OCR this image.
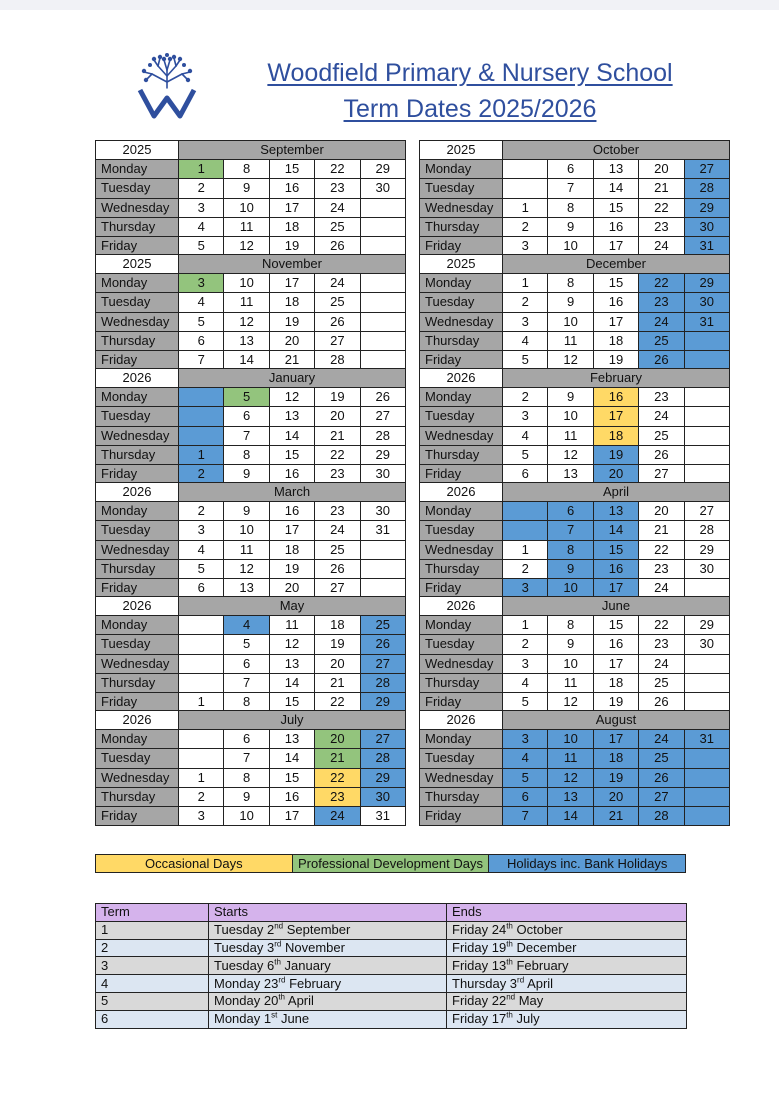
Woodfield Primary & Nursery School
Term Dates 2025/2026
2025	September				
Monday	1	8	15	22	29
Tuesday	2	9	16	23	30
Wednesday	3	10	17	24	
Thursday	4	11	18	25	
Friday	5	12	19	26	
2025	October				
Monday		6	13	20	27
Tuesday		7	14	21	28
Wednesday	1	8	15	22	29
Thursday	2	9	16	23	30
Friday	3	10	17	24	31
2025	November				
Monday	3	10	17	24	
Tuesday	4	11	18	25	
Wednesday	5	12	19	26	
Thursday	6	13	20	27	
Friday	7	14	21	28	
2025	December				
Monday	1	8	15	22	29
Tuesday	2	9	16	23	30
Wednesday	3	10	17	24	31
Thursday	4	11	18	25	
Friday	5	12	19	26	
2026	January				
Monday		5	12	19	26
Tuesday		6	13	20	27
Wednesday		7	14	21	28
Thursday	1	8	15	22	29
Friday	2	9	16	23	30
2026	February				
Monday	2	9	16	23	
Tuesday	3	10	17	24	
Wednesday	4	11	18	25	
Thursday	5	12	19	26	
Friday	6	13	20	27	
2026	March				
Monday	2	9	16	23	30
Tuesday	3	10	17	24	31
Wednesday	4	11	18	25	
Thursday	5	12	19	26	
Friday	6	13	20	27	
2026	April				
Monday		6	13	20	27
Tuesday		7	14	21	28
Wednesday	1	8	15	22	29
Thursday	2	9	16	23	30
Friday	3	10	17	24	
2026	May				
Monday		4	11	18	25
Tuesday		5	12	19	26
Wednesday		6	13	20	27
Thursday		7	14	21	28
Friday	1	8	15	22	29
2026	June				
Monday	1	8	15	22	29
Tuesday	2	9	16	23	30
Wednesday	3	10	17	24	
Thursday	4	11	18	25	
Friday	5	12	19	26	
2026	July				
Monday		6	13	20	27
Tuesday		7	14	21	28
Wednesday	1	8	15	22	29
Thursday	2	9	16	23	30
Friday	3	10	17	24	31
2026	August				
Monday	3	10	17	24	31
Tuesday	4	11	18	25	
Wednesday	5	12	19	26	
Thursday	6	13	20	27	
Friday	7	14	21	28	
Occasional Days	Professional Development Days	Holidays inc. Bank Holidays
Term	Starts	Ends
1	Tuesday 2nd September	Friday 24th October
2	Tuesday 3rd November	Friday 19th December
3	Tuesday 6th January	Friday 13th February
4	Monday 23rd February	Thursday 3rd April
5	Monday 20th April	Friday 22nd May
6	Monday 1st June	Friday 17th July
